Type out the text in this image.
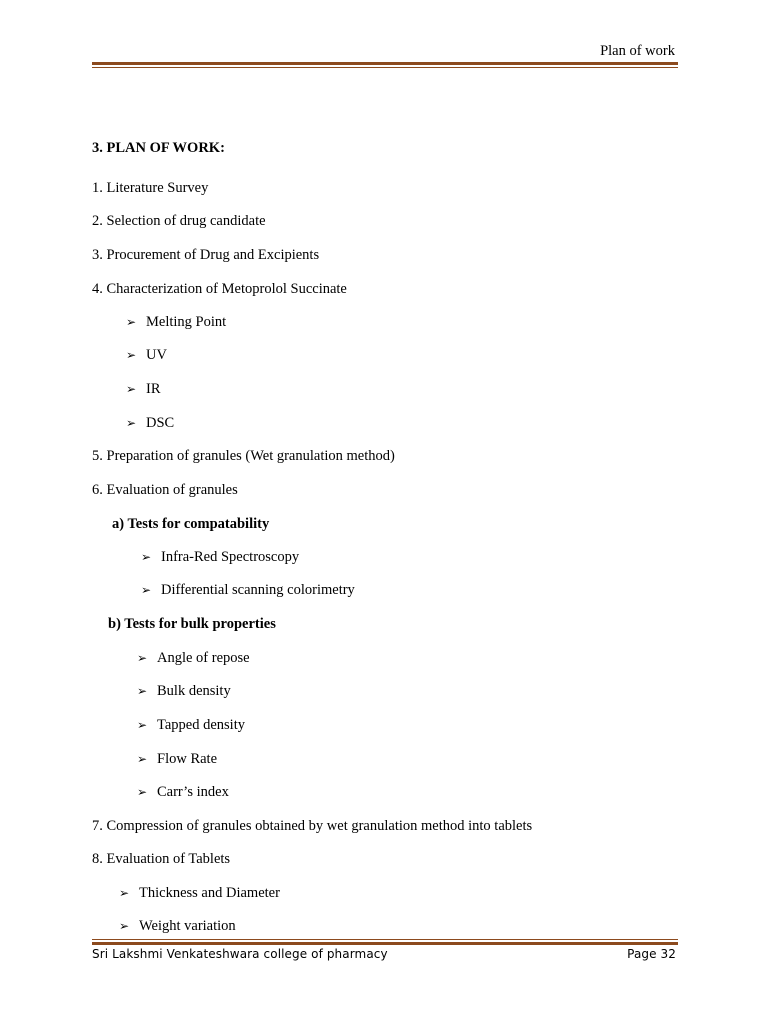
Plan of work
3. PLAN OF WORK:
1. Literature Survey
2. Selection of drug candidate
3. Procurement of Drug and Excipients
4. Characterization of Metoprolol Succinate
➢ Melting Point
➢ UV
➢ IR
➢ DSC
5. Preparation of granules (Wet granulation method)
6. Evaluation of granules
a) Tests for compatability
➢ Infra-Red Spectroscopy
➢ Differential scanning colorimetry
b) Tests for bulk properties
➢ Angle of repose
➢ Bulk density
➢ Tapped density
➢ Flow Rate
➢ Carr’s index
7. Compression of granules obtained by wet granulation method into tablets
8. Evaluation of Tablets
➢ Thickness and Diameter
➢ Weight variation
Sri Lakshmi Venkateshwara college of pharmacy	Page 32
